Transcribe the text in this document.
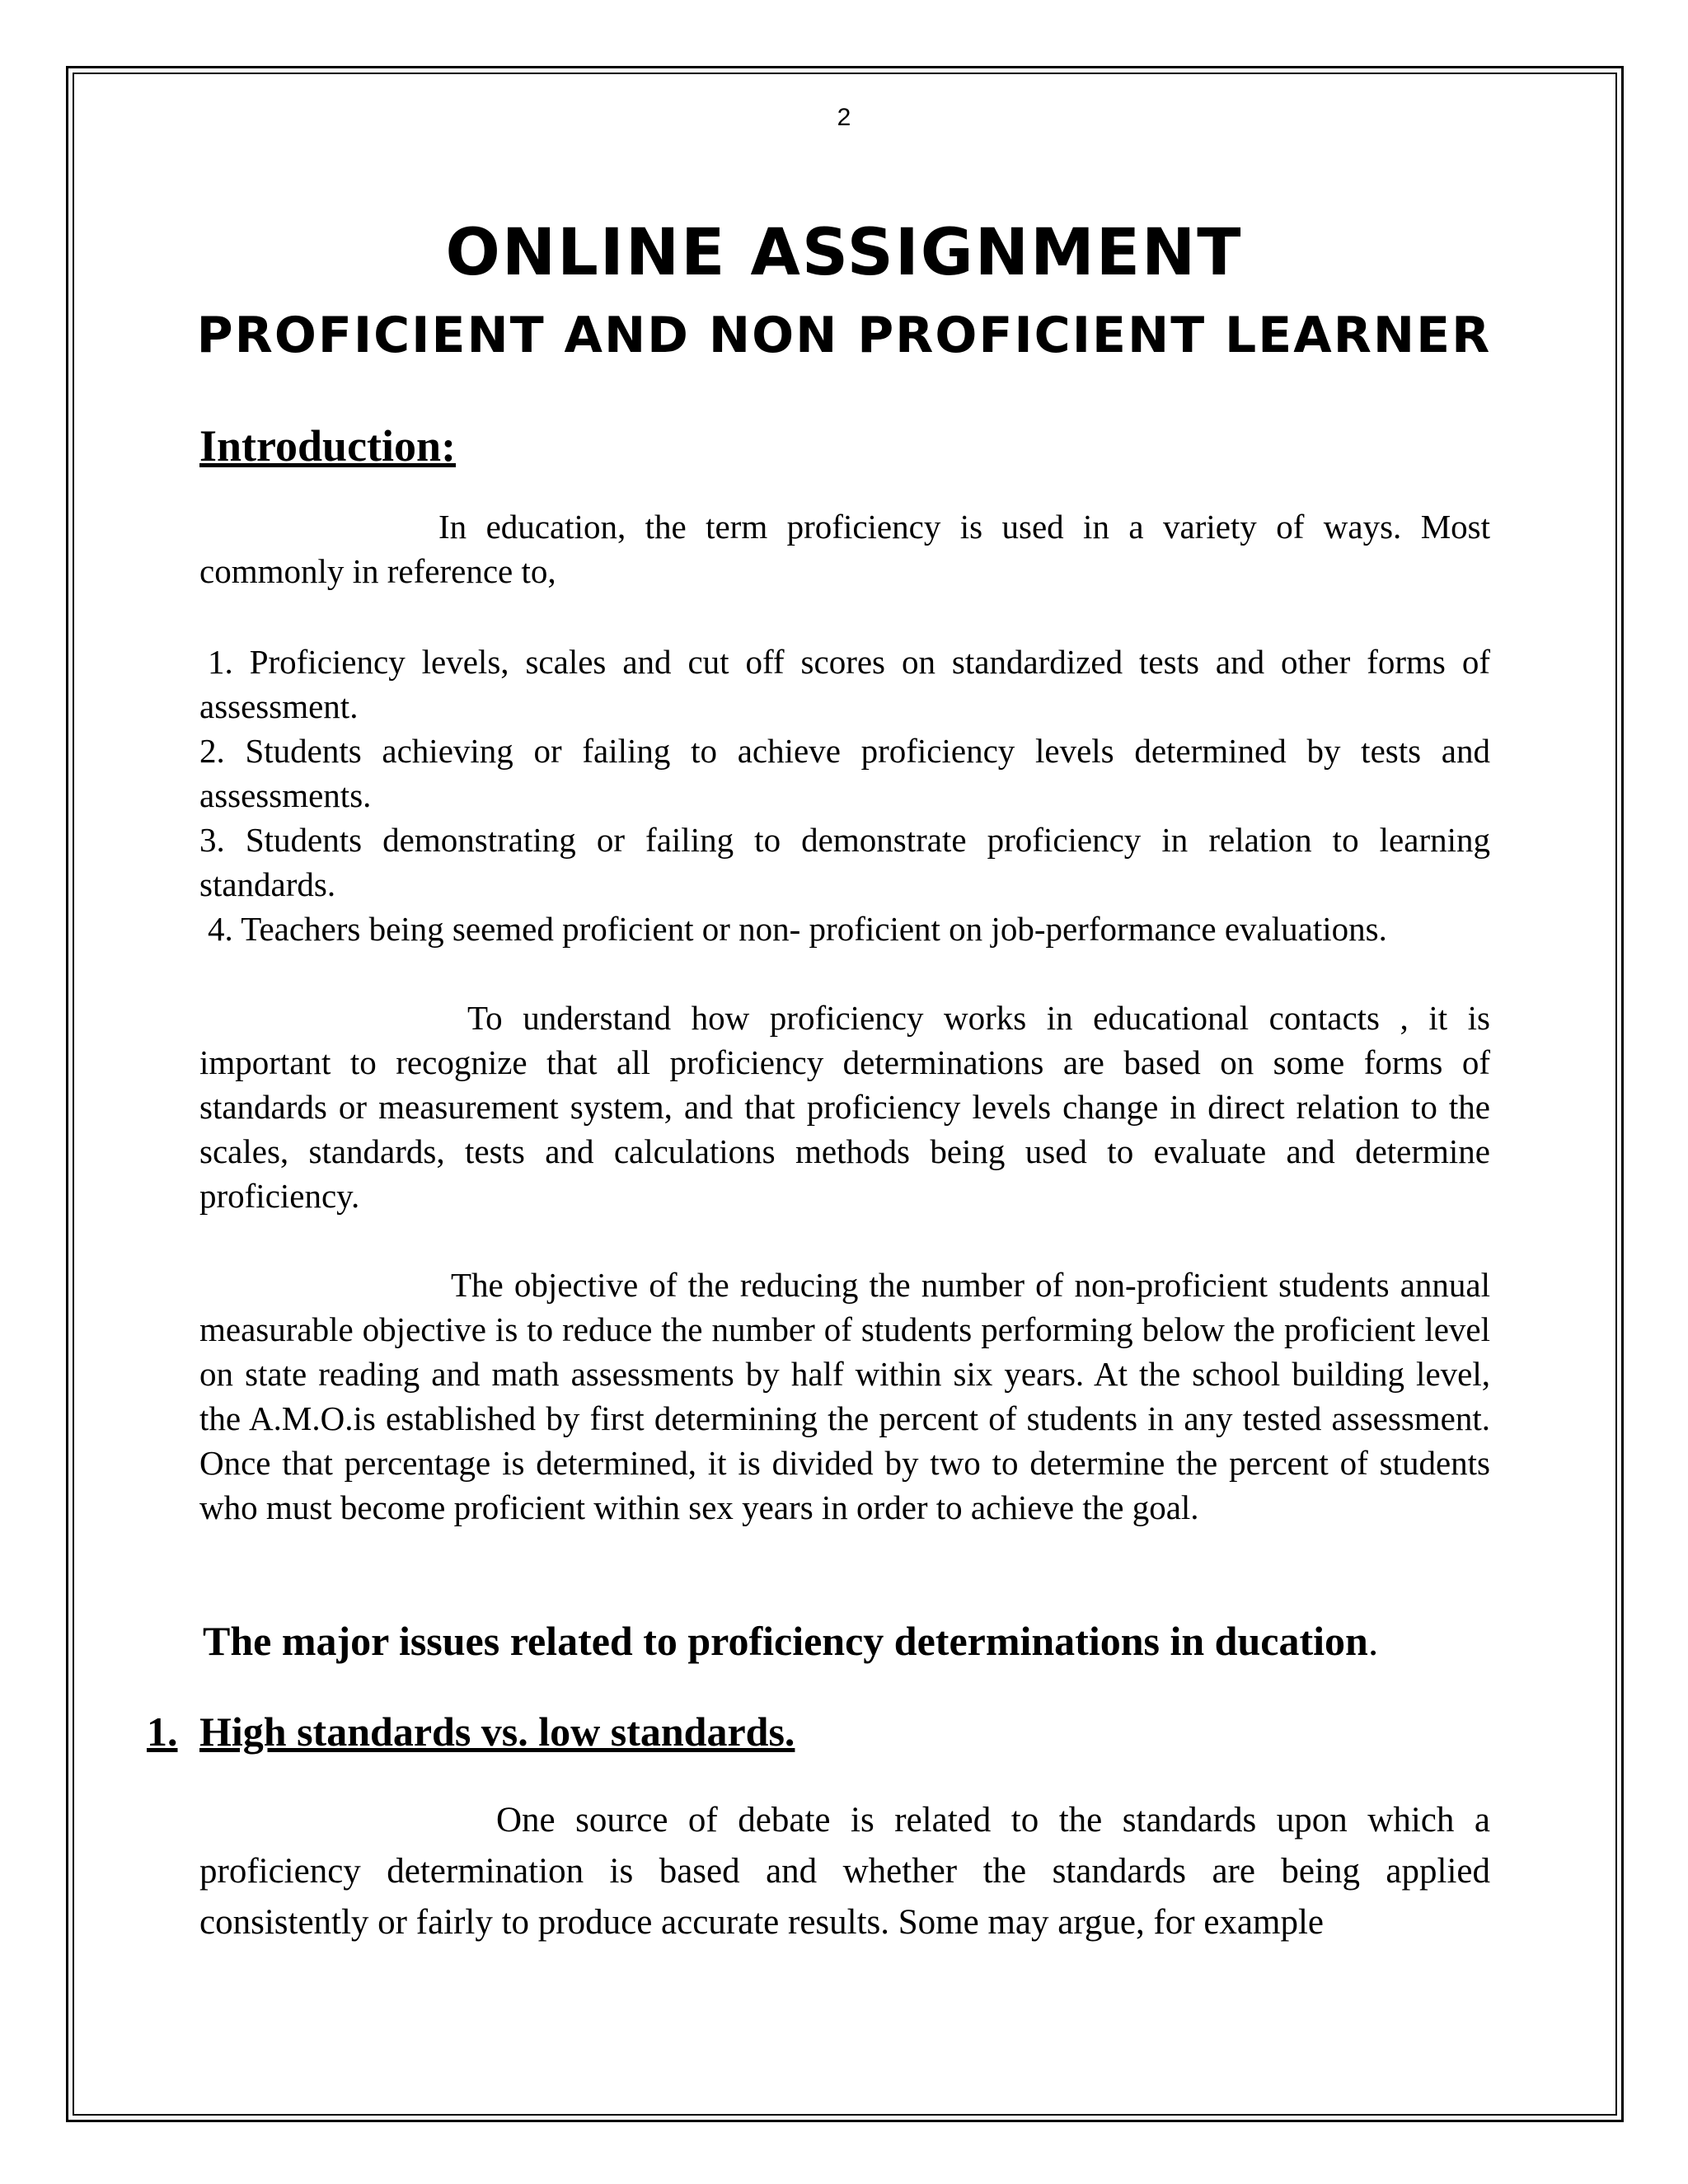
2
ONLINE ASSIGNMENT
PROFICIENT AND NON PROFICIENT LEARNER
Introduction:

In education, the term proficiency is used in a variety of ways. Most commonly in reference to,

1. Proficiency levels, scales and cut off scores on standardized tests and other forms of assessment.

2. Students achieving or failing to achieve proficiency levels determined by tests and assessments.

3. Students demonstrating or failing to demonstrate proficiency in relation to learning standards.

4. Teachers being seemed proficient or non- proficient on job-performance evaluations.

To understand how proficiency works in educational contacts , it is important to recognize that all proficiency determinations are based on some forms of standards or measurement system, and that proficiency levels change in direct relation to the scales, standards, tests and calculations methods being used to evaluate and determine proficiency.

The objective of the reducing the number of non-proficient students annual measurable objective is to reduce the number of students performing below the proficient level on state reading and math assessments by half within six years. At the school building level, the A.M.O.is established by first determining the percent of students in any tested assessment. Once that percentage is determined, it is divided by two to determine the percent of students who must become proficient within sex years in order to achieve the goal.

The major issues related to proficiency determinations in ducation.
1. High standards vs. low standards.

One source of debate is related to the standards upon which a proficiency determination is based and whether the standards are being applied consistently or fairly to produce accurate results. Some may argue, for example
